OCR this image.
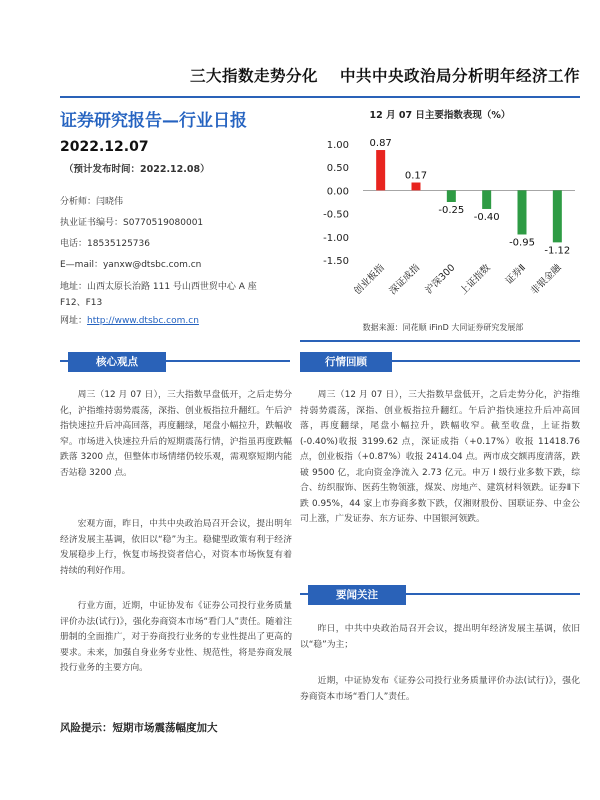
三大指数走势分化 中共中央政治局分析明年经济工作
证券研究报告—行业日报
2022.12.07
（预计发布时间：2022.12.08）
分析师：闫晓伟
执业证书编号：S0770519080001
电话：18535125736
E—mail：yanxw@dtsbc.com.cn
地址：山西太原长治路 111 号山西世贸中心 A 座
F12、F13
网址：http://www.dtsbc.com.cn
12 月 07 日主要指数表现（%）
1.00
0.50
0.00
-0.50
-1.00
-1.50
0.87
创业板指
0.17
深证成指
-0.25
沪深300
-0.40
上证指数
-0.95
证券Ⅱ
-1.12
非银金融
数据来源：同花顺 iFinD 大同证券研究发展部
核心观点
周三（12 月 07 日），三大指数早盘低开，之后走势分化，沪指维持弱势震荡，深指、创业板指拉升翻红。午后沪指快速拉升后冲高回落，再度翻绿，尾盘小幅拉升，跌幅收窄。市场进入快速拉升后的短期震荡行情，沪指虽再度跌幅跌落 3200 点，但整体市场情绪仍较乐观，需观察短期内能否站稳 3200 点。
宏观方面，昨日，中共中央政治局召开会议，提出明年经济发展主基调，依旧以“稳”为主。稳健型政策有利于经济发展稳步上行，恢复市场投资者信心，对资本市场恢复有着持续的利好作用。
行业方面，近期，中证协发布《证券公司投行业务质量评价办法(试行)》，强化券商资本市场“看门人”责任。随着注册制的全面推广，对于券商投行业务的专业性提出了更高的要求。未来，加强自身业务专业性、规范性，将是券商发展投行业务的主要方向。
风险提示：短期市场震荡幅度加大
行情回顾
周三（12 月 07 日），三大指数早盘低开，之后走势分化，沪指维持弱势震荡，深指、创业板指拉升翻红。午后沪指快速拉升后冲高回落，再度翻绿，尾盘小幅拉升，跌幅收窄。截至收盘，上证指数(-0.40%)收报 3199.62 点，深证成指（+0.17%）收报 11418.76 点，创业板指（+0.87%）收报 2414.04 点。两市成交额再度清落，跌破 9500 亿，北向资金净流入 2.73 亿元。申万 I 级行业多数下跌，综合、纺织服饰、医药生物领涨，煤炭、房地产、建筑材料领跌。证券Ⅱ下跌 0.95%，44 家上市券商多数下跌，仅湘财股份、国联证券、中金公司上涨，广发证券、东方证券、中国银河领跌。
要闻关注
昨日，中共中央政治局召开会议，提出明年经济发展主基调，依旧以“稳”为主；
近期，中证协发布《证券公司投行业务质量评价办法(试行)》，强化券商资本市场“看门人”责任。
